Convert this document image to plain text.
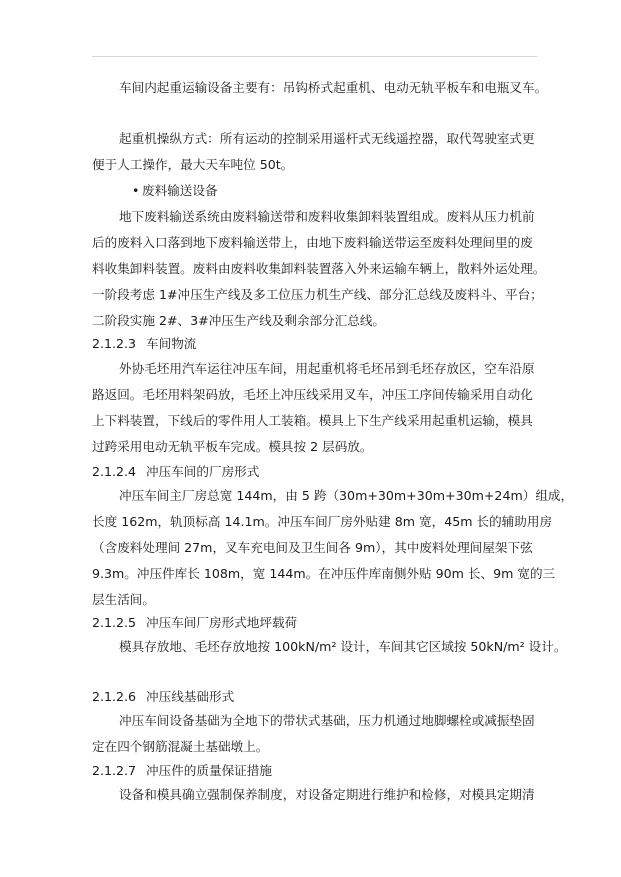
车间内起重运输设备主要有：吊钩桥式起重机、电动无轨平板车和电瓶叉车。
起重机操纵方式：所有运动的控制采用遥杆式无线遥控器，取代驾驶室式更
便于人工操作，最大天车吨位 50t。
• 废料输送设备
地下废料输送系统由废料输送带和废料收集卸料装置组成。废料从压力机前
后的废料入口落到地下废料输送带上，由地下废料输送带运至废料处理间里的废
料收集卸料装置。废料由废料收集卸料装置落入外来运输车辆上，散料外运处理。
一阶段考虑 1#冲压生产线及多工位压力机生产线、部分汇总线及废料斗、平台；
二阶段实施 2#、3#冲压生产线及剩余部分汇总线。
2.1.2.3 车间物流
外协毛坯用汽车运往冲压车间，用起重机将毛坯吊到毛坯存放区，空车沿原
路返回。毛坯用料架码放，毛坯上冲压线采用叉车，冲压工序间传输采用自动化
上下料装置，下线后的零件用人工装箱。模具上下生产线采用起重机运输，模具
过跨采用电动无轨平板车完成。模具按 2 层码放。
2.1.2.4 冲压车间的厂房形式
冲压车间主厂房总宽 144m，由 5 跨（30m+30m+30m+30m+24m）组成，
长度 162m，轨顶标高 14.1m。冲压车间厂房外贴建 8m 宽，45m 长的辅助用房
（含废料处理间 27m，叉车充电间及卫生间各 9m），其中废料处理间屋架下弦
9.3m。冲压件库长 108m，宽 144m。在冲压件库南侧外贴 90m 长、9m 宽的三
层生活间。
2.1.2.5 冲压车间厂房形式地坪载荷
模具存放地、毛坯存放地按 100kN/m² 设计，车间其它区域按 50kN/m² 设计。
2.1.2.6 冲压线基础形式
冲压车间设备基础为全地下的带状式基础，压力机通过地脚螺栓或减振垫固
定在四个钢筋混凝土基础墩上。
2.1.2.7 冲压件的质量保证措施
设备和模具确立强制保养制度，对设备定期进行维护和检修，对模具定期清
